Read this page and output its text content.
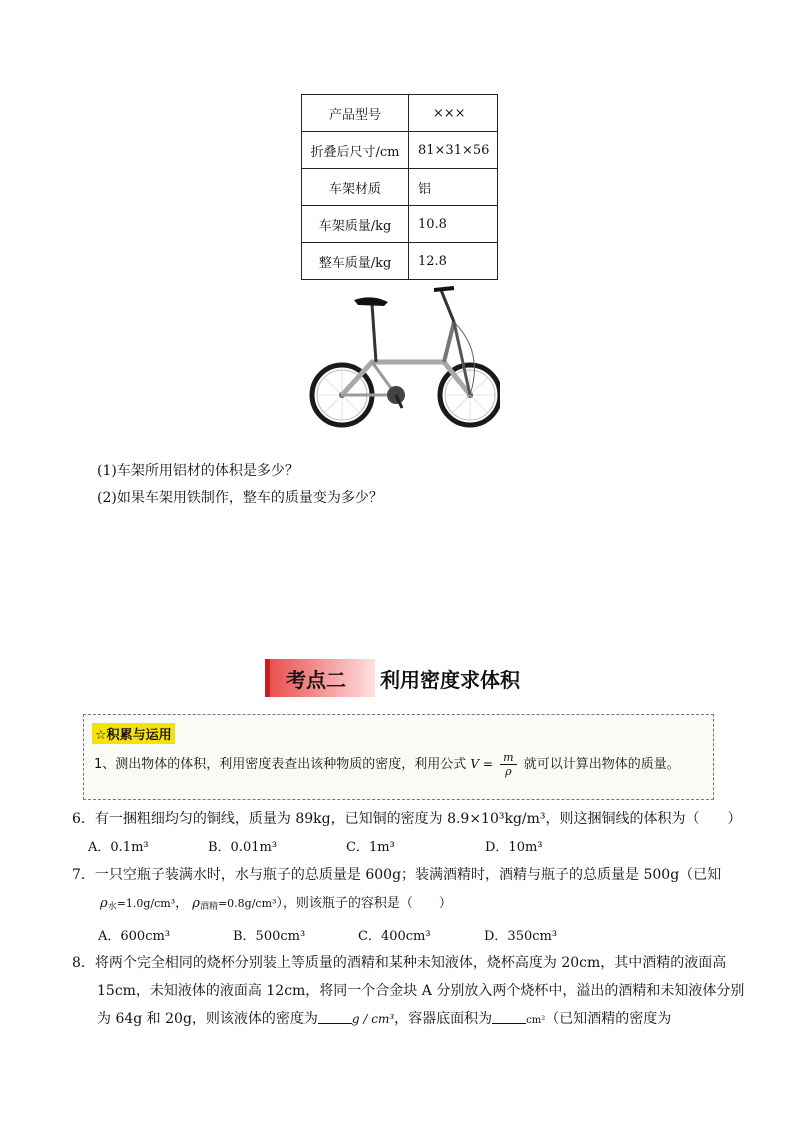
产品型号	×××
折叠后尺寸/cm	81×31×56
车架材质	铝
车架质量/kg	10.8
整车质量/kg	12.8
(1)车架所用铝材的体积是多少？
(2)如果车架用铁制作，整车的质量变为多少？
考点二 利用密度求体积
☆积累与运用
1、测出物体的体积，利用密度表查出该种物质的密度，利用公式 $V = \frac{m}{\rho}$ 就可以计算出物体的质量。
6．有一捆粗细均匀的铜线，质量为 89kg，已知铜的密度为 8.9×10³kg/m³，则这捆铜线的体积为（　　）
A．0.1m³	B．0.01m³	C．1m³	D．10m³
7．一只空瓶子装满水时，水与瓶子的总质量是 600g；装满酒精时，酒精与瓶子的总质量是 500g（已知
$\rho_水=1.0g$/cm³， $\rho_{酒精}=0.8g/cm^3$），则该瓶子的容积是（　　）
A．600cm³	B．500cm³	C．400cm³	D．350cm³
8．将两个完全相同的烧杯分别装上等质量的酒精和某种未知液体，烧杯高度为 20cm，其中酒精的液面高
15cm，未知液体的液面高 12cm，将同一个合金块 A 分别放入两个烧杯中，溢出的酒精和未知液体分别
为 64g 和 20g，则该液体的密度为	g / cm³，容器底面积为	cm²（已知酒精的密度为
